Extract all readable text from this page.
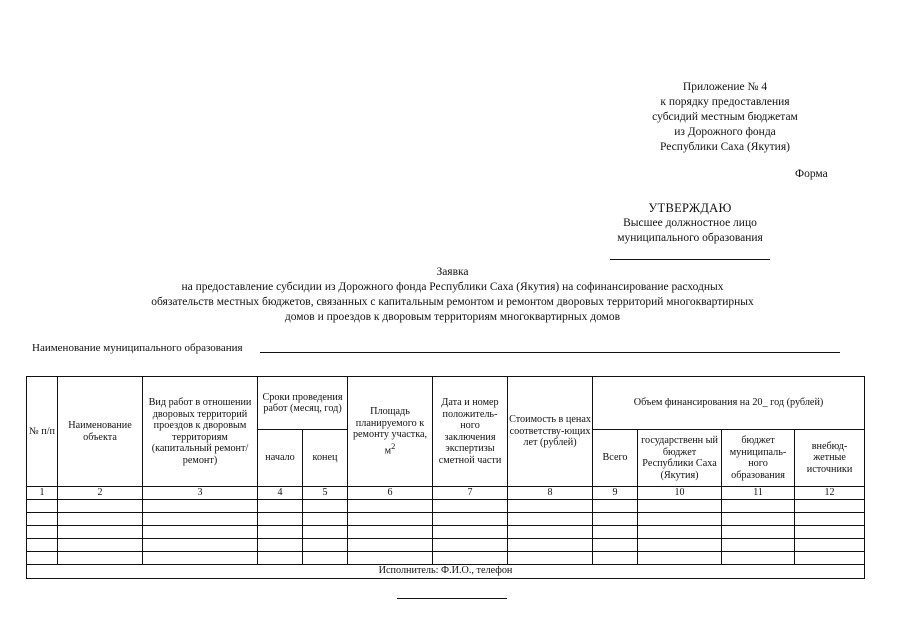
Приложение № 4
к порядку предоставления
субсидий местным бюджетам
из Дорожного фонда
Республики Саха (Якутия)
Форма
УТВЕРЖДАЮ
Высшее должностное лицо
муниципального образования
Заявка
на предоставление субсидии из Дорожного фонда Республики Саха (Якутия) на софинансирование расходных
обязательств местных бюджетов, связанных с капитальным ремонтом и ремонтом дворовых территорий многоквартирных
домов и проездов к дворовым территориям многоквартирных домов
Наименование муниципального образования
№ п/п	Наименование объекта	Вид работ в отношении дворовых территорий проездов к дворовым территориям (капитальный ремонт/ремонт)	Сроки проведения работ (месяц, год)		Площадь планируемого к ремонту участка, $м^2$	Дата и номер положитель-ного заключения экспертизы сметной части	Стоимость в ценах соответству-ющих лет (рублей)	Объем финансирования на 20_ год (рублей)			
			начало	конец				Всего	государственн ый бюджет Республики Саха (Якутия)	бюджет муниципаль-ного образования	внебюд-жетные источники
1	2	3	4	5	6	7	8	9	10	11	12

Исполнитель: Ф.И.О., телефон											
